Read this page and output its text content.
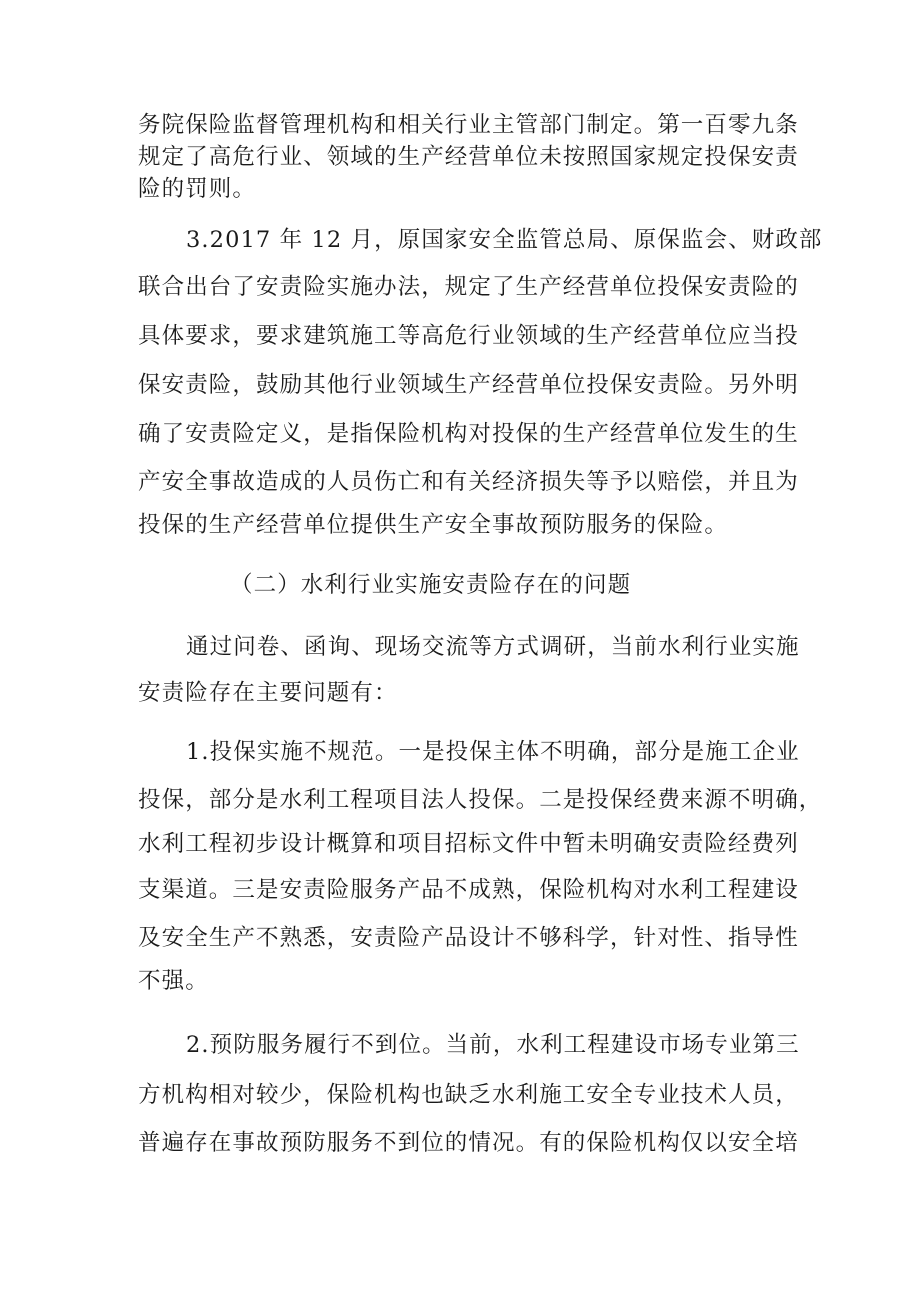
务院保险监督管理机构和相关行业主管部门制定。第一百零九条
规定了高危行业、领域的生产经营单位未按照国家规定投保安责
险的罚则。
3.2017 年 12 月，原国家安全监管总局、原保监会、财政部
联合出台了安责险实施办法，规定了生产经营单位投保安责险的
具体要求，要求建筑施工等高危行业领域的生产经营单位应当投
保安责险，鼓励其他行业领域生产经营单位投保安责险。另外明
确了安责险定义，是指保险机构对投保的生产经营单位发生的生
产安全事故造成的人员伤亡和有关经济损失等予以赔偿，并且为
投保的生产经营单位提供生产安全事故预防服务的保险。
（二）水利行业实施安责险存在的问题
通过问卷、函询、现场交流等方式调研，当前水利行业实施
安责险存在主要问题有：
1.投保实施不规范。一是投保主体不明确，部分是施工企业
投保，部分是水利工程项目法人投保。二是投保经费来源不明确，
水利工程初步设计概算和项目招标文件中暂未明确安责险经费列
支渠道。三是安责险服务产品不成熟，保险机构对水利工程建设
及安全生产不熟悉，安责险产品设计不够科学，针对性、指导性
不强。
2.预防服务履行不到位。当前，水利工程建设市场专业第三
方机构相对较少，保险机构也缺乏水利施工安全专业技术人员，
普遍存在事故预防服务不到位的情况。有的保险机构仅以安全培
